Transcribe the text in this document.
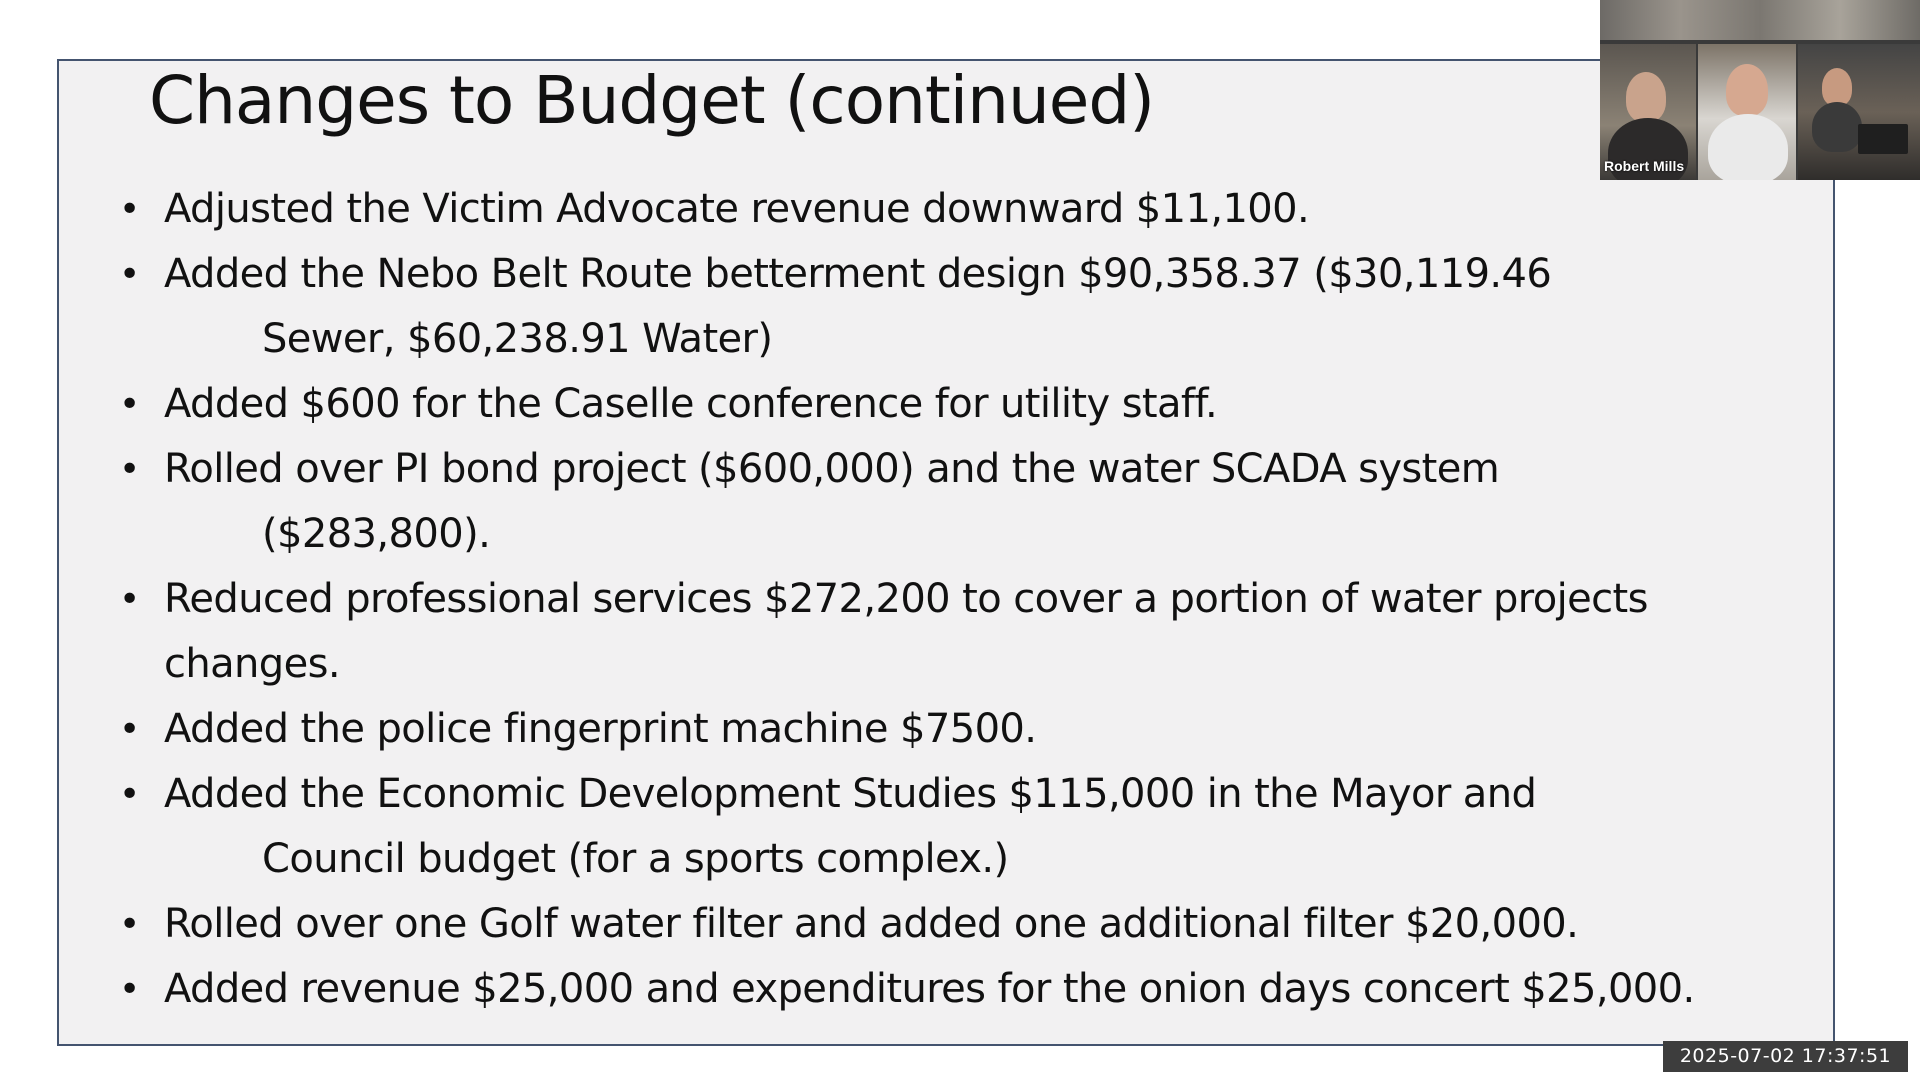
Changes to Budget (continued)
• Adjusted the Victim Advocate revenue downward $11,100.
• Added the Nebo Belt Route betterment design $90,358.37 ($30,119.46
Sewer, $60,238.91 Water)
• Added $600 for the Caselle conference for utility staff.
• Rolled over PI bond project ($600,000) and the water SCADA system
($283,800).
• Reduced professional services $272,200 to cover a portion of water projects
changes.
• Added the police fingerprint machine $7500.
• Added the Economic Development Studies $115,000 in the Mayor and
Council budget (for a sports complex.)
• Rolled over one Golf water filter and added one additional filter $20,000.
• Added revenue $25,000 and expenditures for the onion days concert $25,000.
Robert Mills
2025-07-02 17:37:51
